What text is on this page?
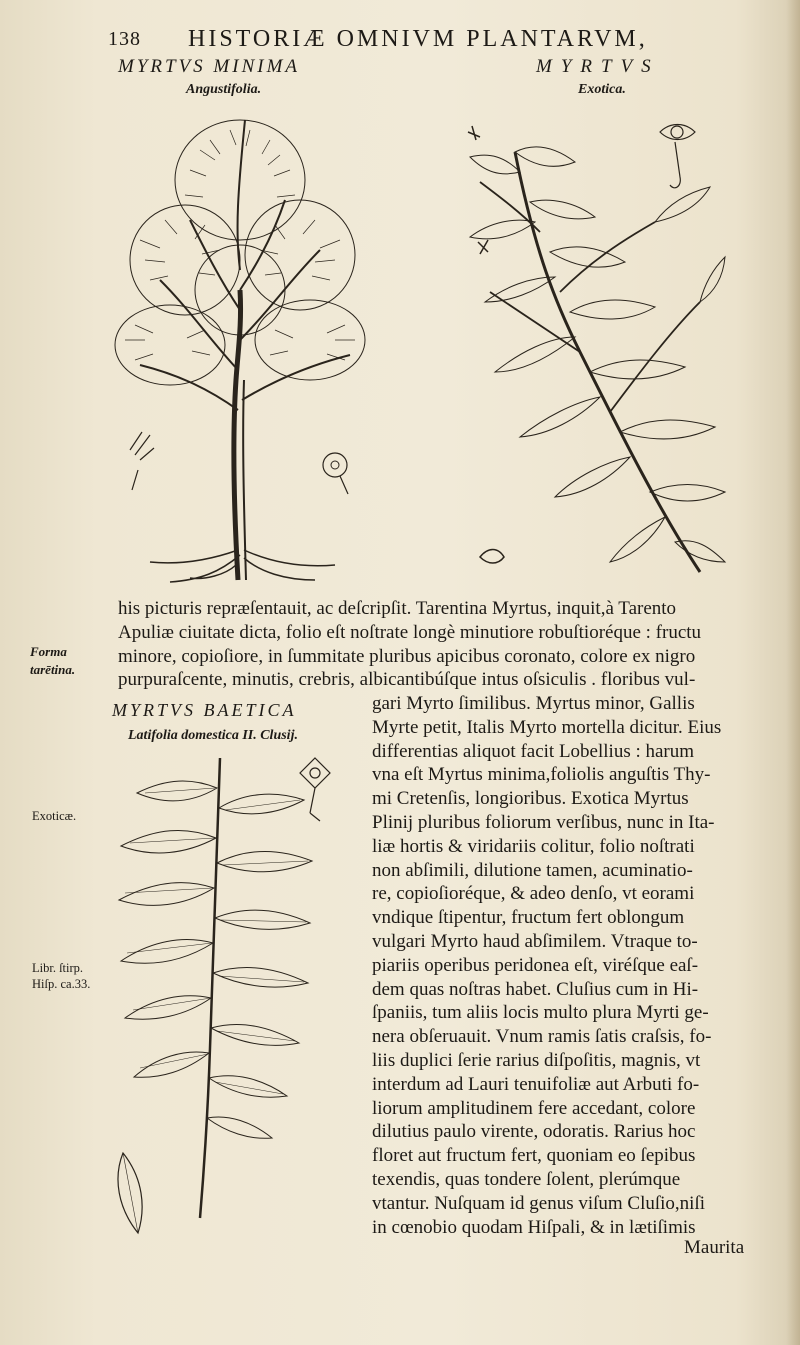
138 HISTORIÆ OMNIVM PLANTARVM,
MYRTVS MINIMA
Angustifolia.
MYRTVS
Exotica.
his picturis repræſentauit, ac deſcripſit. Tarentina Myrtus, inquit,à Tarento
Apuliæ ciuitate dicta, folio eſt noſtrate longè minutiore robuſtioréque : fructu
minore, copioſiore, in ſummitate pluribus apicibus coronato, colore ex nigro
purpuraſcente, minutis, crebris, albicantibúſque intus oſsiculis . floribus vul-
Forma
tarētina.
Exoticæ.
Libr. ſtirp.
Hiſp. ca.33.
MYRTVS BAETICA
Latifolia domestica II. Clusij.
gari Myrto ſimilibus. Myrtus minor, Gallis
Myrte petit, Italis Myrto mortella dicitur. Eius
differentias aliquot facit Lobellius : harum
vna eſt Myrtus minima,foliolis anguſtis Thy-
mi Cretenſis, longioribus. Exotica Myrtus
Plinij pluribus foliorum verſibus, nunc in Ita-
liæ hortis & viridariis colitur, folio noſtrati
non abſimili, dilutione tamen, acuminatio-
re, copioſioréque, & adeo denſo, vt eorami
vndique ſtipentur, fructum fert oblongum
vulgari Myrto haud abſimilem. Vtraque to-
piariis operibus peridonea eſt, viréſque eaſ-
dem quas noſtras habet. Cluſius cum in Hi-
ſpaniis, tum aliis locis multo plura Myrti ge-
nera obſeruauit. Vnum ramis ſatis craſsis, fo-
liis duplici ſerie rarius diſpoſitis, magnis, vt
interdum ad Lauri tenuifoliæ aut Arbuti fo-
liorum amplitudinem fere accedant, colore
dilutius paulo virente, odoratis. Rarius hoc
floret aut fructum fert, quoniam eo ſepibus
texendis, quas tondere ſolent, plerúmque
vtantur. Nuſquam id genus viſum Cluſio,niſi
in cœnobio quodam Hiſpali, & in lætiſimis
Maurita
